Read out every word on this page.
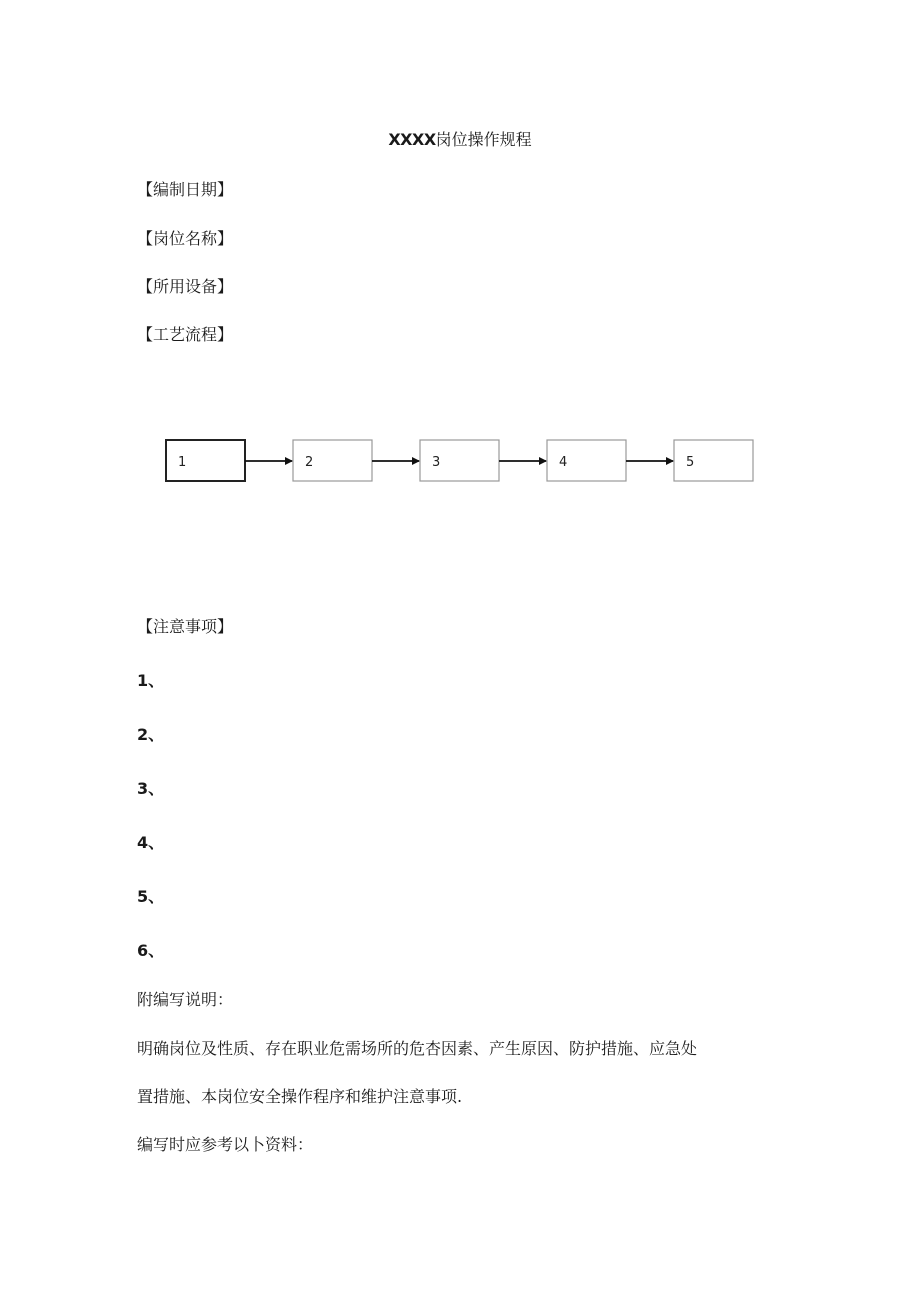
XXXX岗位操作规程
【编制日期】
【岗位名称】
【所用设备】
【工艺流程】
1	2	3	4	5
【注意事项】
1、
2、
3、
4、
5、
6、
附编写说明：
明确岗位及性质、存在职业危需场所的危杏因素、产生原因、防护措施、应急处
置措施、本岗位安全操作程序和维护注意事项.
编写时应参考以卜资料：
